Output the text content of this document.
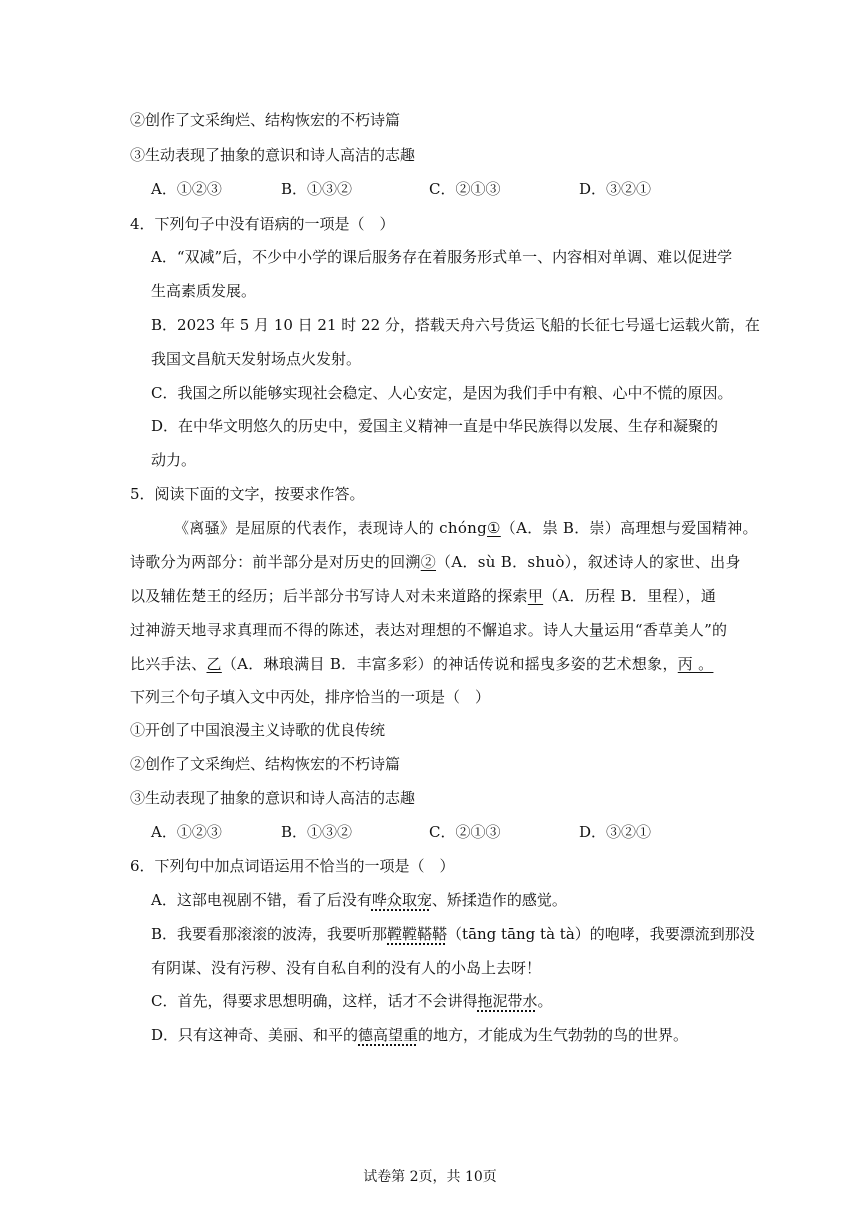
②创作了文采绚烂、结构恢宏的不朽诗篇
③生动表现了抽象的意识和诗人高洁的志趣
A．①②③	B．①③②	C．②①③	D．③②①
4．下列句子中没有语病的一项是（　）
A．“双减”后，不少中小学的课后服务存在着服务形式单一、内容相对单调、难以促进学
生高素质发展。
B．2023 年 5 月 10 日 21 时 22 分，搭载天舟六号货运飞船的长征七号遥七运载火箭，在
我国文昌航天发射场点火发射。
C．我国之所以能够实现社会稳定、人心安定，是因为我们手中有粮、心中不慌的原因。
D．在中华文明悠久的历史中，爱国主义精神一直是中华民族得以发展、生存和凝聚的
动力。
5．阅读下面的文字，按要求作答。
《离骚》是屈原的代表作，表现诗人的 chóng①（A．祟 B．崇）高理想与爱国精神。
诗歌分为两部分：前半部分是对历史的回溯②（A．sù B．shuò），叙述诗人的家世、出身
以及辅佐楚王的经历；后半部分书写诗人对未来道路的探索甲（A．历程 B．里程），通
过神游天地寻求真理而不得的陈述，表达对理想的不懈追求。诗人大量运用“香草美人”的
比兴手法、乙（A．琳琅满目 B．丰富多彩）的神话传说和摇曳多姿的艺术想象，丙 。
下列三个句子填入文中丙处，排序恰当的一项是（　）
①开创了中国浪漫主义诗歌的优良传统
②创作了文采绚烂、结构恢宏的不朽诗篇
③生动表现了抽象的意识和诗人高洁的志趣
A．①②③	B．①③②	C．②①③	D．③②①
6．下列句中加点词语运用不恰当的一项是（　）
A．这部电视剧不错，看了后没有哗众取宠、矫揉造作的感觉。
B．我要看那滚滚的波涛，我要听那鞺鞺鞳鞳（tāng tāng tà tà）的咆哮，我要漂流到那没
有阴谋、没有污秽、没有自私自利的没有人的小岛上去呀！
C．首先，得要求思想明确，这样，话才不会讲得拖泥带水。
D．只有这神奇、美丽、和平的德高望重的地方，才能成为生气勃勃的鸟的世界。
试卷第 2页，共 10页
